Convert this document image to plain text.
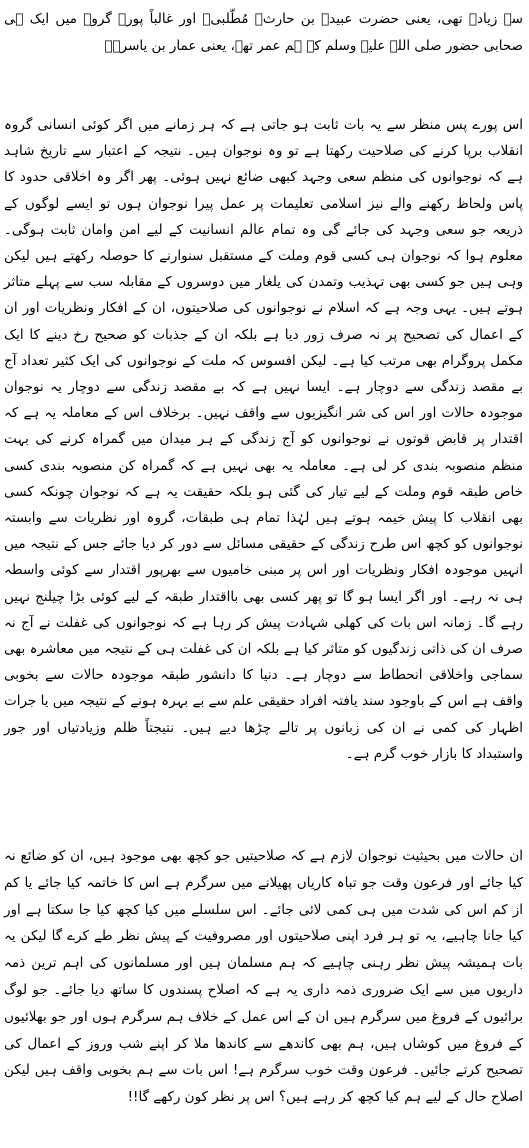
سے زیادہ تھی، یعنی حضرت عبیدہ بن حارثؓ مُطّلبی۔ اور غالباً پورے گروہ میں ایک ہی صحابی حضور صلی اللہ علیہ وسلم کے ہم عمر تھے، یعنی عمار بن یاسرؓ۔

اس پورے پس منظر سے یہ بات ثابت ہو جاتی ہے کہ ہر زمانے میں اگر کوئی انسانی گروہ انقلاب برپا کرنے کی صلاحیت رکھتا ہے تو وہ نوجوان ہیں۔ نتیجہ کے اعتبار سے تاریخ شاہد ہے کہ نوجوانوں کی منظم سعی وجہد کبھی ضائع نہیں ہوئی۔ پھر اگر وہ اخلاقی حدود کا پاس ولحاظ رکھنے والے نیز اسلامی تعلیمات پر عمل پیرا نوجوان ہوں تو ایسے لوگوں کے ذریعہ جو سعی وجہد کی جائے گی وہ تمام عالم انسانیت کے لیے امن وامان ثابت ہوگی۔ معلوم ہوا کہ نوجوان ہی کسی قوم وملت کے مستقبل سنوارنے کا حوصلہ رکھتے ہیں لیکن وہی ہیں جو کسی بھی تہذیب وتمدن کی یلغار میں دوسروں کے مقابلہ سب سے پہلے متاثر ہوتے ہیں۔ یہی وجہ ہے کہ اسلام نے نوجوانوں کی صلاحیتوں، ان کے افکار ونظریات اور ان کے اعمال کی تصحیح پر نہ صرف زور دیا ہے بلکہ ان کے جذبات کو صحیح رخ دینے کا ایک مکمل پروگرام بھی مرتب کیا ہے۔ لیکن افسوس کہ ملت کے نوجوانوں کی ایک کثیر تعداد آج بے مقصد زندگی سے دوچار ہے۔ ایسا نہیں ہے کہ بے مقصد زندگی سے دوچار یہ نوجوان موجودہ حالات اور اس کی شر انگیزیوں سے واقف نہیں۔ برخلاف اس کے معاملہ یہ ہے کہ اقتدار پر قابض قوتوں نے نوجوانوں کو آج زندگی کے ہر میدان میں گمراہ کرنے کی بہت منظم منصوبہ بندی کر لی ہے۔ معاملہ یہ بھی نہیں ہے کہ گمراہ کن منصوبہ بندی کسی خاص طبقہ قوم وملت کے لیے تیار کی گئی ہو بلکہ حقیقت یہ ہے کہ نوجوان چونکہ کسی بھی انقلاب کا پیش خیمہ ہوتے ہیں لہٰذا تمام ہی طبقات، گروہ اور نظریات سے وابستہ نوجوانوں کو کچھ اس طرح زندگی کے حقیقی مسائل سے دور کر دیا جائے جس کے نتیجہ میں انہیں موجودہ افکار ونظریات اور اس پر مبنی خامیوں سے بھرپور اقتدار سے کوئی واسطہ ہی نہ رہے۔ اور اگر ایسا ہو گا تو پھر کسی بھی بااقتدار طبقہ کے لیے کوئی بڑا چیلنج نہیں رہے گا۔ زمانہ اس بات کی کھلی شہادت پیش کر رہا ہے کہ نوجوانوں کی غفلت نے آج نہ صرف ان کی ذاتی زندگیوں کو متاثر کیا ہے بلکہ ان کی غفلت ہی کے نتیجہ میں معاشرہ بھی سماجی واخلاقی انحطاط سے دوچار ہے۔ دنیا کا دانشور طبقہ موجودہ حالات سے بخوبی واقف ہے اس کے باوجود سند یافتہ افراد حقیقی علم سے بے بہرہ ہونے کے نتیجہ میں یا جرات اظہار کی کمی نے ان کی زبانوں پر تالے چڑھا دیے ہیں۔ نتیجتاً ظلم وزیادتیاں اور جور واستبداد کا بازار خوب گرم ہے۔

ان حالات میں بحیثیت نوجوان لازم ہے کہ صلاحیتیں جو کچھ بھی موجود ہیں، ان کو ضائع نہ کیا جائے اور فرعون وقت جو تباہ کاریاں پھیلانے میں سرگرم ہے اس کا خاتمہ کیا جائے یا کم از کم اس کی شدت میں ہی کمی لائی جائے۔ اس سلسلے میں کیا کچھ کیا جا سکتا ہے اور کیا جانا چاہیے، یہ تو ہر فرد اپنی صلاحیتوں اور مصروفیت کے پیش نظر طے کرے گا لیکن یہ بات ہمیشہ پیش نظر رہنی چاہیے کہ ہم مسلمان ہیں اور مسلمانوں کی اہم ترین ذمہ داریوں میں سے ایک ضروری ذمہ داری یہ ہے کہ اصلاح پسندوں کا ساتھ دیا جائے۔ جو لوگ برائیوں کے فروغ میں سرگرم ہیں ان کے اس عمل کے خلاف ہم سرگرم ہوں اور جو بھلائیوں کے فروغ میں کوشاں ہیں، ہم بھی کاندھے سے کاندھا ملا کر اپنے شب وروز کے اعمال کی تصحیح کرتے جائیں۔ فرعون وقت خوب سرگرم ہے! اس بات سے ہم بخوبی واقف ہیں لیکن اصلاح حال کے لیے ہم کیا کچھ کر رہے ہیں؟ اس پر نظر کون رکھے گا!!
